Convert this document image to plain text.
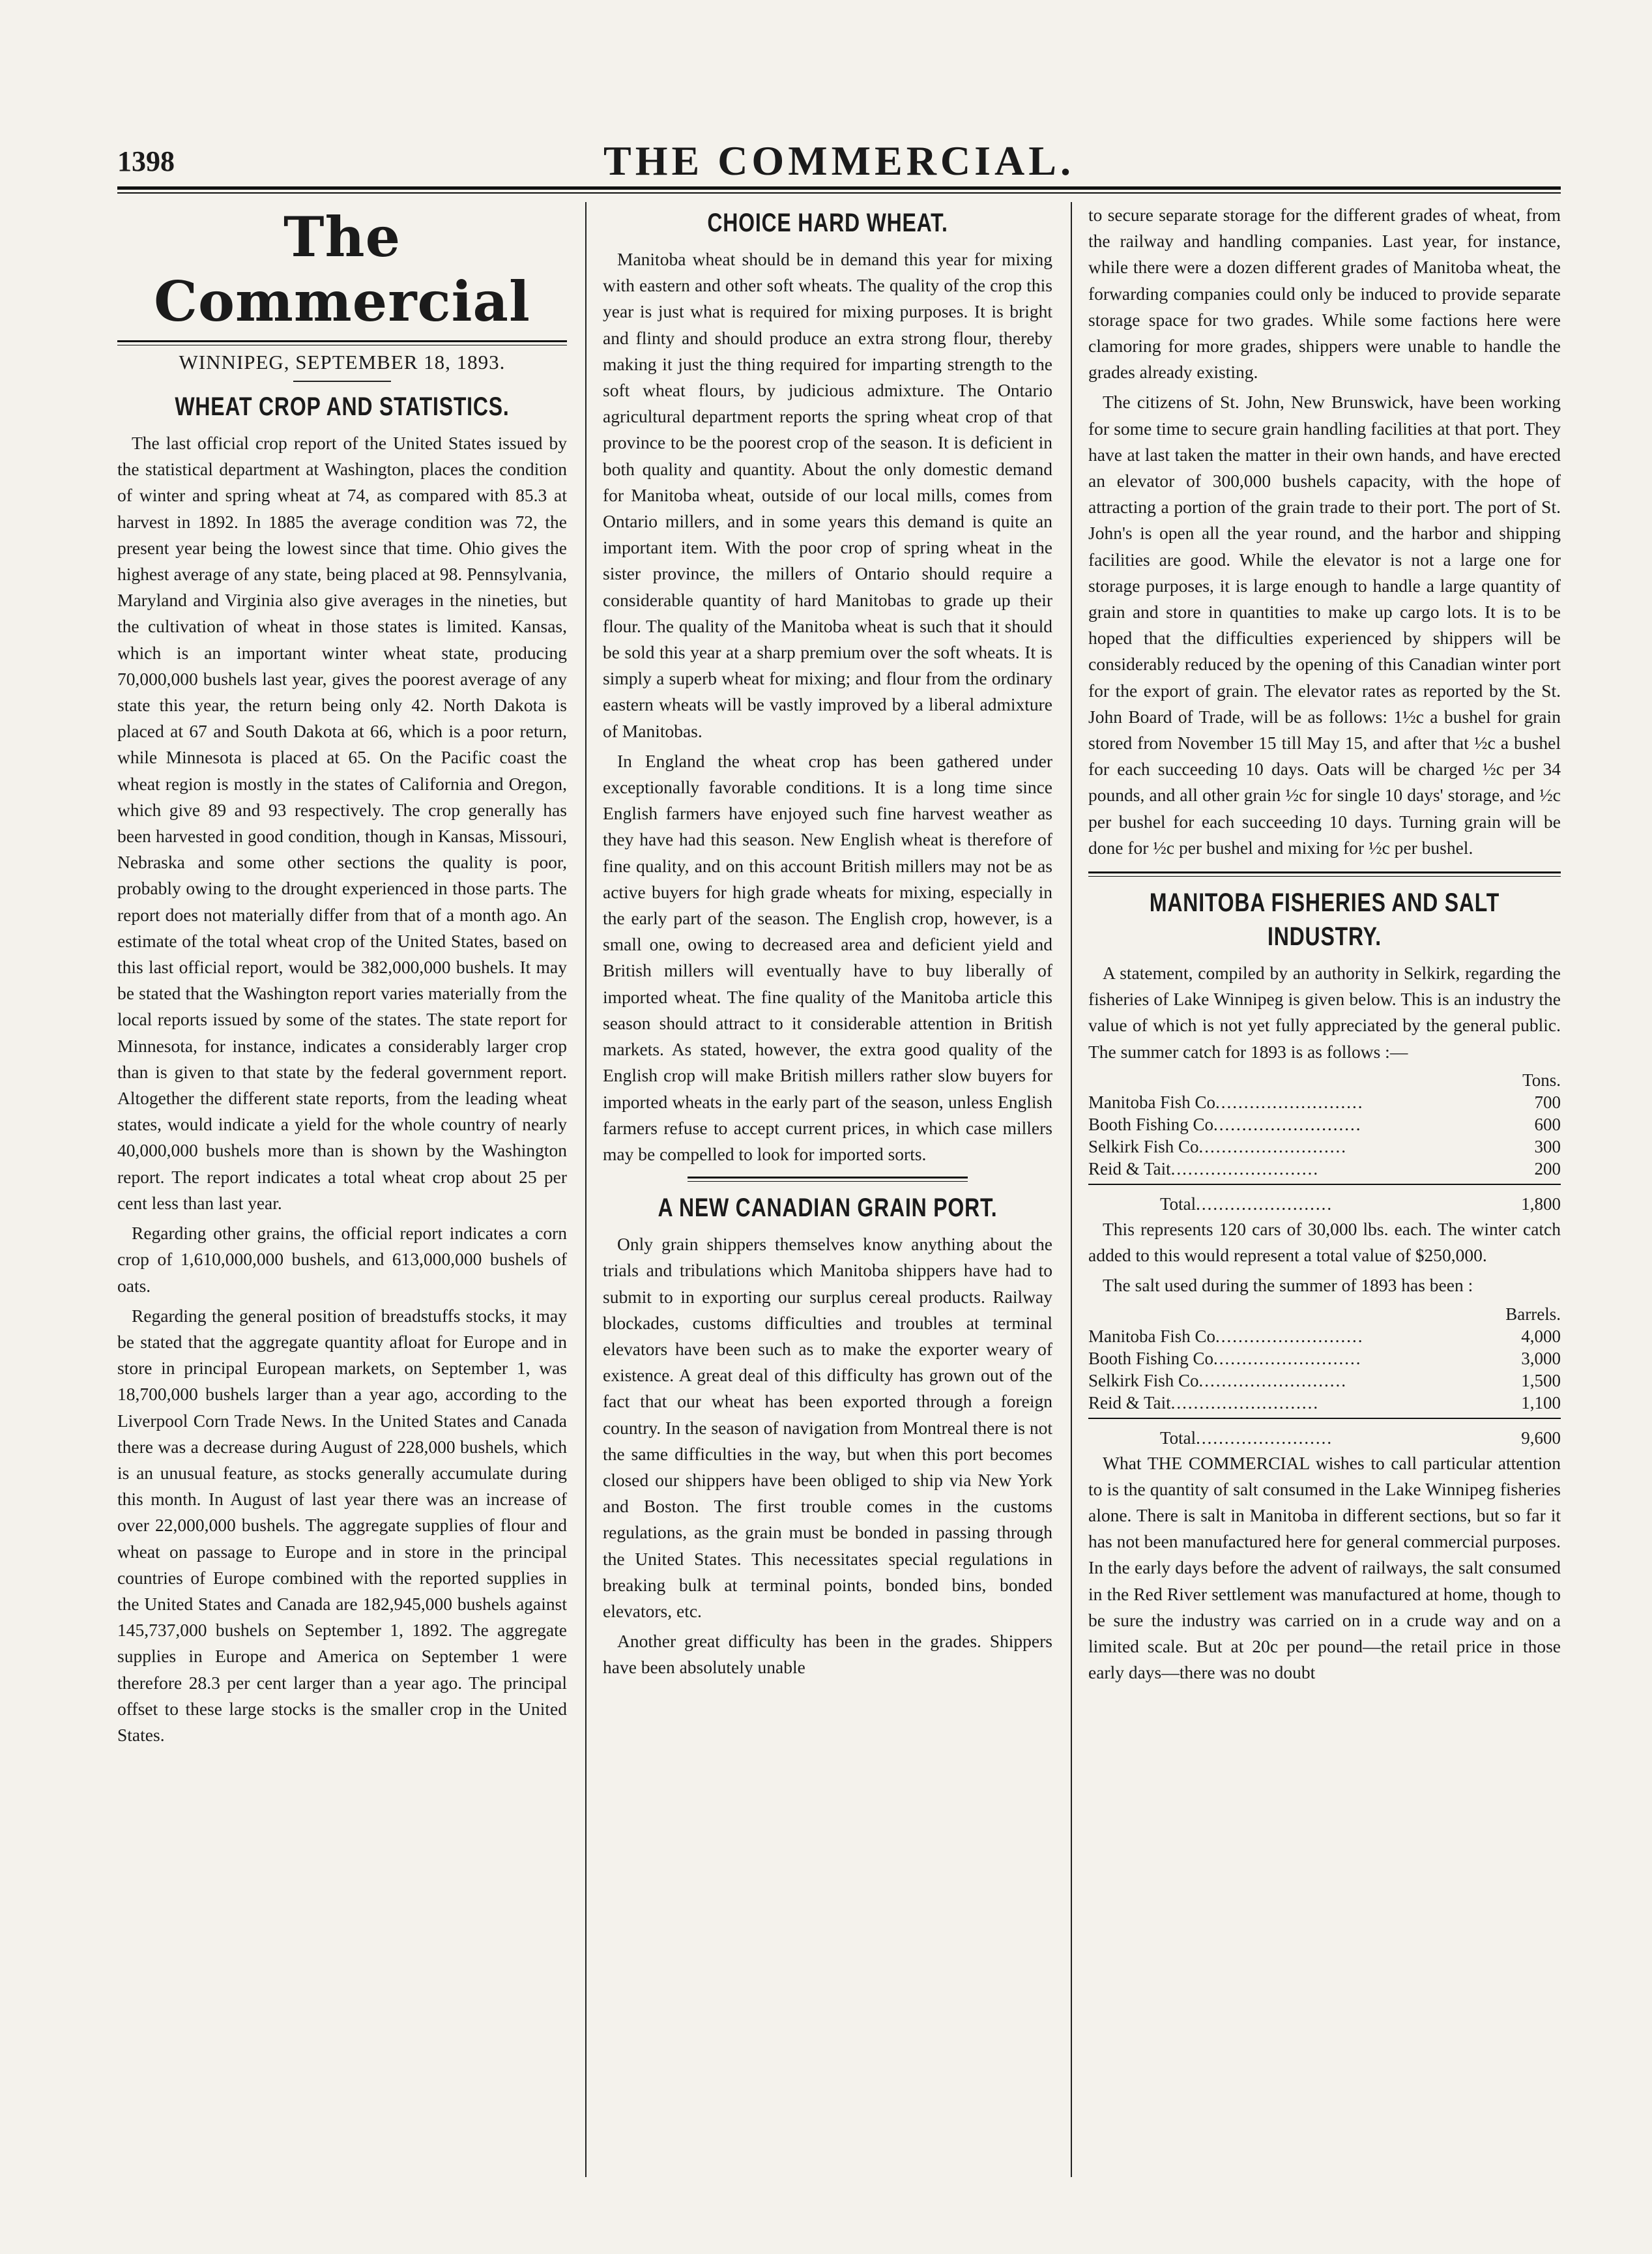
1398	THE COMMERCIAL.
The Commercial
WINNIPEG, SEPTEMBER 18, 1893.
WHEAT CROP AND STATISTICS.

The last official crop report of the United States issued by the statistical department at Washington, places the condition of winter and spring wheat at 74, as compared with 85.3 at harvest in 1892. In 1885 the average condition was 72, the present year being the lowest since that time. Ohio gives the highest average of any state, being placed at 98. Pennsylvania, Maryland and Virginia also give averages in the nineties, but the cultivation of wheat in those states is limited. Kansas, which is an important winter wheat state, producing 70,000,000 bushels last year, gives the poorest average of any state this year, the return being only 42. North Dakota is placed at 67 and South Dakota at 66, which is a poor return, while Minnesota is placed at 65. On the Pacific coast the wheat region is mostly in the states of California and Oregon, which give 89 and 93 respectively. The crop generally has been harvested in good condition, though in Kansas, Missouri, Nebraska and some other sections the quality is poor, probably owing to the drought experienced in those parts. The report does not materially differ from that of a month ago. An estimate of the total wheat crop of the United States, based on this last official report, would be 382,000,000 bushels. It may be stated that the Washington report varies materially from the local reports issued by some of the states. The state report for Minnesota, for instance, indicates a considerably larger crop than is given to that state by the federal government report. Altogether the different state reports, from the leading wheat states, would indicate a yield for the whole country of nearly 40,000,000 bushels more than is shown by the Washington report. The report indicates a total wheat crop about 25 per cent less than last year.

Regarding other grains, the official report indicates a corn crop of 1,610,000,000 bushels, and 613,000,000 bushels of oats.

Regarding the general position of breadstuffs stocks, it may be stated that the aggregate quantity afloat for Europe and in store in principal European markets, on September 1, was 18,700,000 bushels larger than a year ago, according to the Liverpool Corn Trade News. In the United States and Canada there was a decrease during August of 228,000 bushels, which is an unusual feature, as stocks generally accumulate during this month. In August of last year there was an increase of over 22,000,000 bushels. The aggregate supplies of flour and wheat on passage to Europe and in store in the principal countries of Europe combined with the reported supplies in the United States and Canada are 182,945,000 bushels against 145,737,000 bushels on September 1, 1892. The aggregate supplies in Europe and America on September 1 were therefore 28.3 per cent larger than a year ago. The principal offset to these large stocks is the smaller crop in the United States.

CHOICE HARD WHEAT.

Manitoba wheat should be in demand this year for mixing with eastern and other soft wheats. The quality of the crop this year is just what is required for mixing purposes. It is bright and flinty and should produce an extra strong flour, thereby making it just the thing required for imparting strength to the soft wheat flours, by judicious admixture. The Ontario agricultural department reports the spring wheat crop of that province to be the poorest crop of the season. It is deficient in both quality and quantity. About the only domestic demand for Manitoba wheat, outside of our local mills, comes from Ontario millers, and in some years this demand is quite an important item. With the poor crop of spring wheat in the sister province, the millers of Ontario should require a considerable quantity of hard Manitobas to grade up their flour. The quality of the Manitoba wheat is such that it should be sold this year at a sharp premium over the soft wheats. It is simply a superb wheat for mixing; and flour from the ordinary eastern wheats will be vastly improved by a liberal admixture of Manitobas.

In England the wheat crop has been gathered under exceptionally favorable conditions. It is a long time since English farmers have enjoyed such fine harvest weather as they have had this season. New English wheat is therefore of fine quality, and on this account British millers may not be as active buyers for high grade wheats for mixing, especially in the early part of the season. The English crop, however, is a small one, owing to decreased area and deficient yield and British millers will eventually have to buy liberally of imported wheat. The fine quality of the Manitoba article this season should attract to it considerable attention in British markets. As stated, however, the extra good quality of the English crop will make British millers rather slow buyers for imported wheats in the early part of the season, unless English farmers refuse to accept current prices, in which case millers may be compelled to look for imported sorts.

A NEW CANADIAN GRAIN PORT.

Only grain shippers themselves know anything about the trials and tribulations which Manitoba shippers have had to submit to in exporting our surplus cereal products. Railway blockades, customs difficulties and troubles at terminal elevators have been such as to make the exporter weary of existence. A great deal of this difficulty has grown out of the fact that our wheat has been exported through a foreign country. In the season of navigation from Montreal there is not the same difficulties in the way, but when this port becomes closed our shippers have been obliged to ship via New York and Boston. The first trouble comes in the customs regulations, as the grain must be bonded in passing through the United States. This necessitates special regulations in breaking bulk at terminal points, bonded bins, bonded elevators, etc.

Another great difficulty has been in the grades. Shippers have been absolutely unable

to secure separate storage for the different grades of wheat, from the railway and handling companies. Last year, for instance, while there were a dozen different grades of Manitoba wheat, the forwarding companies could only be induced to provide separate storage space for two grades. While some factions here were clamoring for more grades, shippers were unable to handle the grades already existing.

The citizens of St. John, New Brunswick, have been working for some time to secure grain handling facilities at that port. They have at last taken the matter in their own hands, and have erected an elevator of 300,000 bushels capacity, with the hope of attracting a portion of the grain trade to their port. The port of St. John's is open all the year round, and the harbor and shipping facilities are good. While the elevator is not a large one for storage purposes, it is large enough to handle a large quantity of grain and store in quantities to make up cargo lots. It is to be hoped that the difficulties experienced by shippers will be considerably reduced by the opening of this Canadian winter port for the export of grain. The elevator rates as reported by the St. John Board of Trade, will be as follows: 1½c a bushel for grain stored from November 15 till May 15, and after that ½c a bushel for each succeeding 10 days. Oats will be charged ½c per 34 pounds, and all other grain ½c for single 10 days' storage, and ½c per bushel for each succeeding 10 days. Turning grain will be done for ½c per bushel and mixing for ½c per bushel.

MANITOBA FISHERIES AND SALT INDUSTRY.

A statement, compiled by an authority in Selkirk, regarding the fisheries of Lake Winnipeg is given below. This is an industry the value of which is not yet fully appreciated by the general public. The summer catch for 1893 is as follows :—

	Tons.
Manitoba Fish Co..........................	700
Booth Fishing Co..........................	600
Selkirk Fish Co..........................	300
Reid & Tait..........................	200
Total........................	1,800

This represents 120 cars of 30,000 lbs. each. The winter catch added to this would represent a total value of $250,000.

The salt used during the summer of 1893 has been :

	Barrels.
Manitoba Fish Co..........................	4,000
Booth Fishing Co..........................	3,000
Selkirk Fish Co..........................	1,500
Reid & Tait..........................	1,100
Total........................	9,600

What THE COMMERCIAL wishes to call particular attention to is the quantity of salt consumed in the Lake Winnipeg fisheries alone. There is salt in Manitoba in different sections, but so far it has not been manufactured here for general commercial purposes. In the early days before the advent of railways, the salt consumed in the Red River settlement was manufactured at home, though to be sure the industry was carried on in a crude way and on a limited scale. But at 20c per pound—the retail price in those early days—there was no doubt
